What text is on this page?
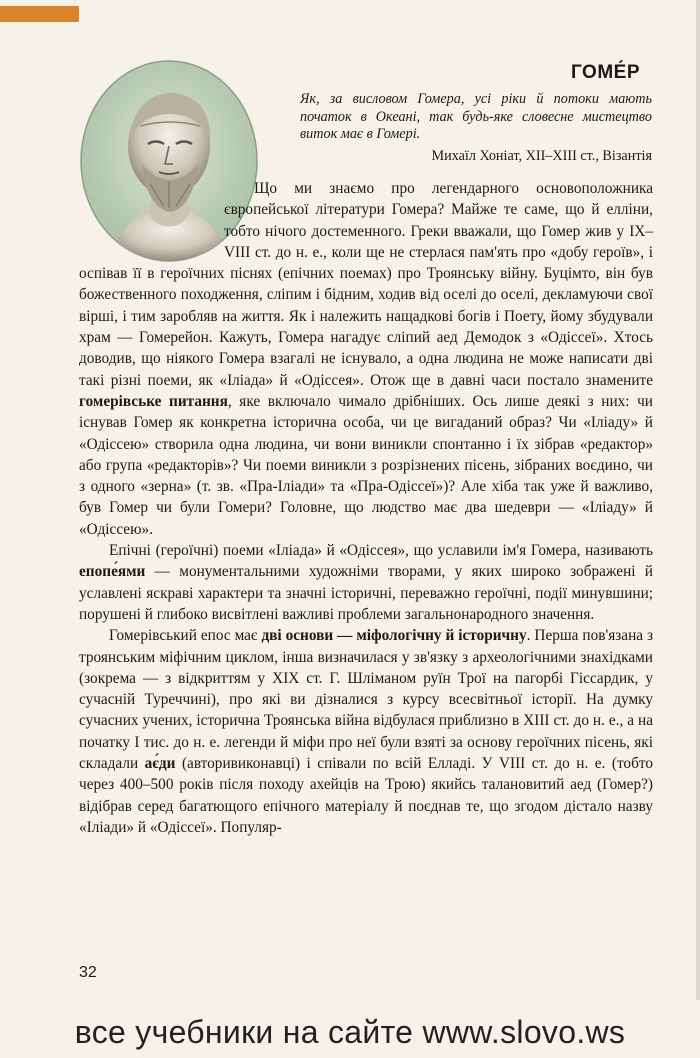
ГОМЕ́Р
Як, за висловом Гомера, усі ріки й потоки мають початок в Океані, так будь-яке словесне мистецтво виток має в Гомері.
Михаїл Хоніат, XII–XIII ст., Візантія

Що ми знаємо про легендарного основоположника європейської літератури Гомера? Майже те саме, що й елліни, тобто нічого достеменного. Греки вважали, що Гомер жив у IX–VIII ст. до н. е., коли ще не стерлася пам'ять про «добу героїв», і оспівав її в героїчних піснях (епічних поемах) про Троянську війну. Буцімто, він був божественного походження, сліпим і бідним, ходив від оселі до оселі, декламуючи свої вірші, і тим заробляв на життя. Як і належить нащадкові богів і Поету, йому збудували храм — Гомерейон. Кажуть, Гомера нагадує сліпий аед Демодок з «Одіссеї». Хтось доводив, що ніякого Гомера взагалі не існувало, а одна людина не може написати дві такі різні поеми, як «Іліада» й «Одіссея». Отож ще в давні часи постало знамените гомерівське питання, яке включало чимало дрібніших. Ось лише деякі з них: чи існував Гомер як конкретна історична особа, чи це вигаданий образ? Чи «Іліаду» й «Одіссею» створила одна людина, чи вони виникли спонтанно і їх зібрав «редактор» або група «редакторів»? Чи поеми виникли з розрізнених пісень, зібраних воєдино, чи з одного «зерна» (т. зв. «Пра-Іліади» та «Пра-Одіссеї»)? Але хіба так уже й важливо, був Гомер чи були Гомери? Головне, що людство має два шедеври — «Іліаду» й «Одіссею».

Епічні (героїчні) поеми «Іліада» й «Одіссея», що уславили ім'я Гомера, називають епопе́ями — монументальними художніми творами, у яких широко зображені й уславлені яскраві характери та значні історичні, переважно героїчні, події минувшини; порушені й глибоко висвітлені важливі проблеми загальнонародного значення.

Гомерівський епос має дві основи — міфологічну й історичну. Перша пов'язана з троянським міфічним циклом, інша визначилася у зв'язку з археологічними знахідками (зокрема — з відкриттям у XIX ст. Г. Шліманом руїн Трої на пагорбі Гіссардик, у сучасній Туреччині), про які ви дізналися з курсу всесвітньої історії. На думку сучасних учених, історична Троянська війна відбулася приблизно в XIII ст. до н. е., а на початку I тис. до н. е. легенди й міфи про неї були взяті за основу героїчних пісень, які складали ає́ди (авторивиконавці) і співали по всій Елладі. У VIII ст. до н. е. (тобто через 400–500 років після походу ахейців на Трою) якийсь талановитий аед (Гомер?) відібрав серед багатющого епічного матеріалу й поєднав те, що згодом дістало назву «Іліади» й «Одіссеї». Популяр-

32
все учебники на сайте www.slovo.ws
